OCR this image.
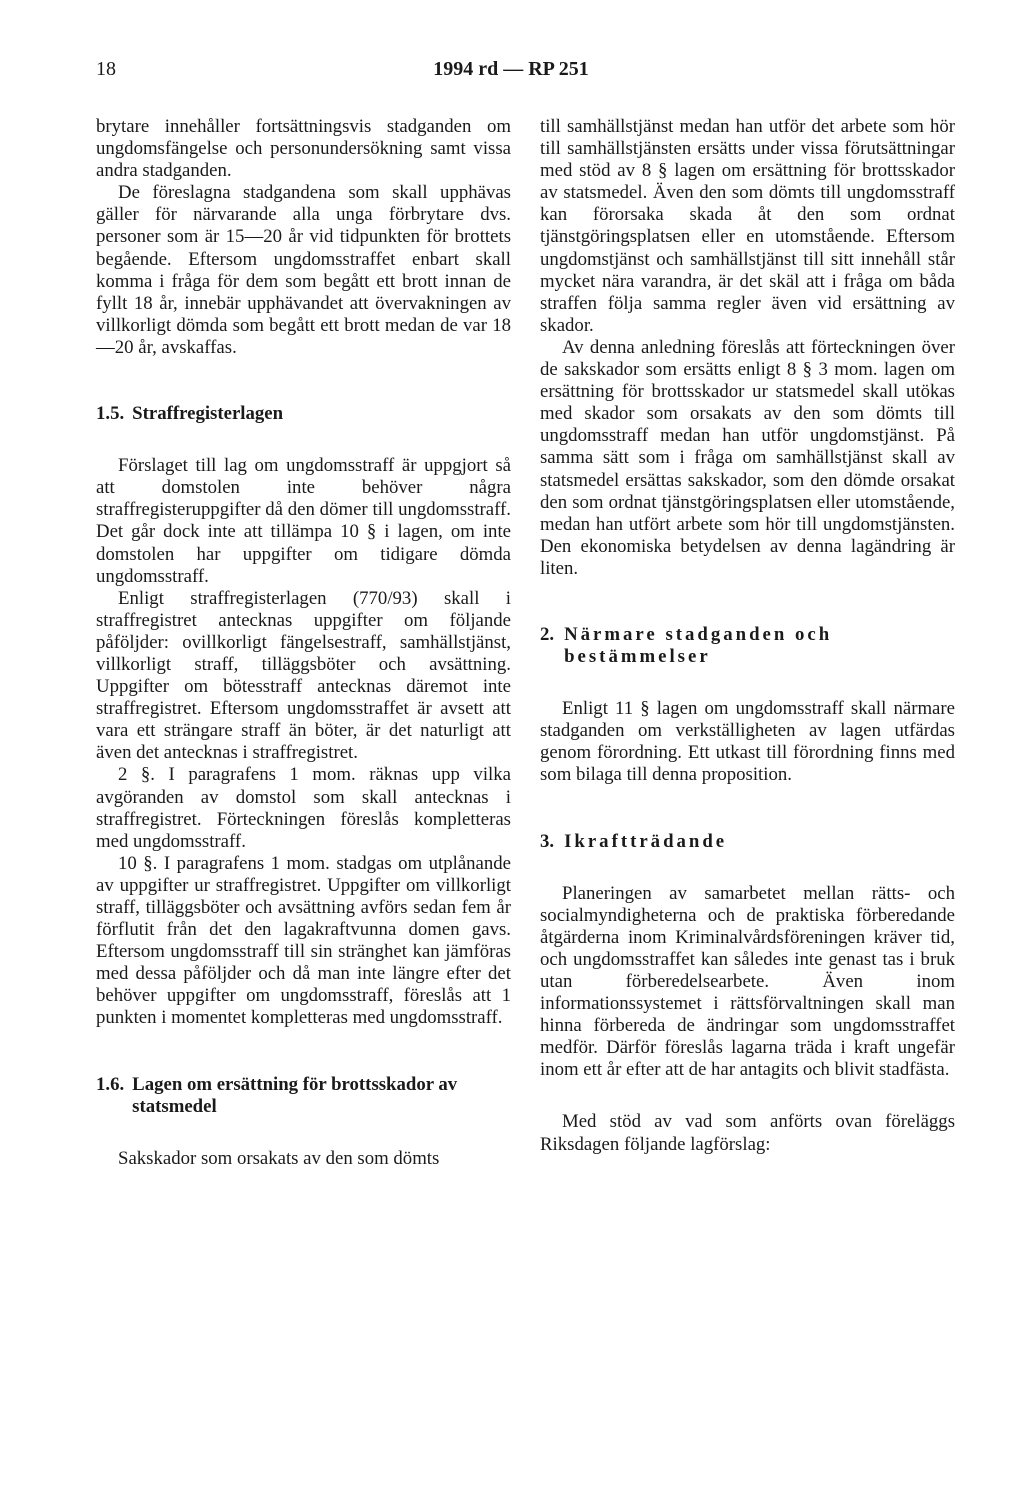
18	1994 rd — RP 251

brytare innehåller fortsättningsvis stadganden om ungdomsfängelse och personundersökning samt vissa andra stadganden.

De föreslagna stadgandena som skall upphävas gäller för närvarande alla unga förbrytare dvs. personer som är 15—20 år vid tidpunkten för brottets begående. Eftersom ungdomsstraffet enbart skall komma i fråga för dem som begått ett brott innan de fyllt 18 år, innebär upphävandet att övervakningen av villkorligt dömda som begått ett brott medan de var 18—20 år, avskaffas.

1.5. Straffregisterlagen

Förslaget till lag om ungdomsstraff är uppgjort så att domstolen inte behöver några straffregisteruppgifter då den dömer till ungdomsstraff. Det går dock inte att tillämpa 10 § i lagen, om inte domstolen har uppgifter om tidigare dömda ungdomsstraff.

Enligt straffregisterlagen (770/93) skall i straffregistret antecknas uppgifter om följande påföljder: ovillkorligt fängelsestraff, samhällstjänst, villkorligt straff, tilläggsböter och avsättning. Uppgifter om bötesstraff antecknas däremot inte straffregistret. Eftersom ungdomsstraffet är avsett att vara ett strängare straff än böter, är det naturligt att även det antecknas i straffregistret.

2 §. I paragrafens 1 mom. räknas upp vilka avgöranden av domstol som skall antecknas i straffregistret. Förteckningen föreslås kompletteras med ungdomsstraff.

10 §. I paragrafens 1 mom. stadgas om utplånande av uppgifter ur straffregistret. Uppgifter om villkorligt straff, tilläggsböter och avsättning avförs sedan fem år förflutit från det den lagakraftvunna domen gavs. Eftersom ungdomsstraff till sin stränghet kan jämföras med dessa påföljder och då man inte längre efter det behöver uppgifter om ungdomsstraff, föreslås att 1 punkten i momentet kompletteras med ungdomsstraff.

1.6. Lagen om ersättning för brottsskador av statsmedel

Sakskador som orsakats av den som dömts

till samhällstjänst medan han utför det arbete som hör till samhällstjänsten ersätts under vissa förutsättningar med stöd av 8 § lagen om ersättning för brottsskador av statsmedel. Även den som dömts till ungdomsstraff kan förorsaka skada åt den som ordnat tjänstgöringsplatsen eller en utomstående. Eftersom ungdomstjänst och samhällstjänst till sitt innehåll står mycket nära varandra, är det skäl att i fråga om båda straffen följa samma regler även vid ersättning av skador.

Av denna anledning föreslås att förteckningen över de sakskador som ersätts enligt 8 § 3 mom. lagen om ersättning för brottsskador ur statsmedel skall utökas med skador som orsakats av den som dömts till ungdomsstraff medan han utför ungdomstjänst. På samma sätt som i fråga om samhällstjänst skall av statsmedel ersättas sakskador, som den dömde orsakat den som ordnat tjänstgöringsplatsen eller utomstående, medan han utfört arbete som hör till ungdomstjänsten. Den ekonomiska betydelsen av denna lagändring är liten.

2. Närmare stadganden och bestämmelser

Enligt 11 § lagen om ungdomsstraff skall närmare stadganden om verkställigheten av lagen utfärdas genom förordning. Ett utkast till förordning finns med som bilaga till denna proposition.

3. Ikraftträdande

Planeringen av samarbetet mellan rätts- och socialmyndigheterna och de praktiska förberedande åtgärderna inom Kriminalvårdsföreningen kräver tid, och ungdomsstraffet kan således inte genast tas i bruk utan förberedelsearbete. Även inom informationssystemet i rättsförvaltningen skall man hinna förbereda de ändringar som ungdomsstraffet medför. Därför föreslås lagarna träda i kraft ungefär inom ett år efter att de har antagits och blivit stadfästa.

Med stöd av vad som anförts ovan föreläggs Riksdagen följande lagförslag:
